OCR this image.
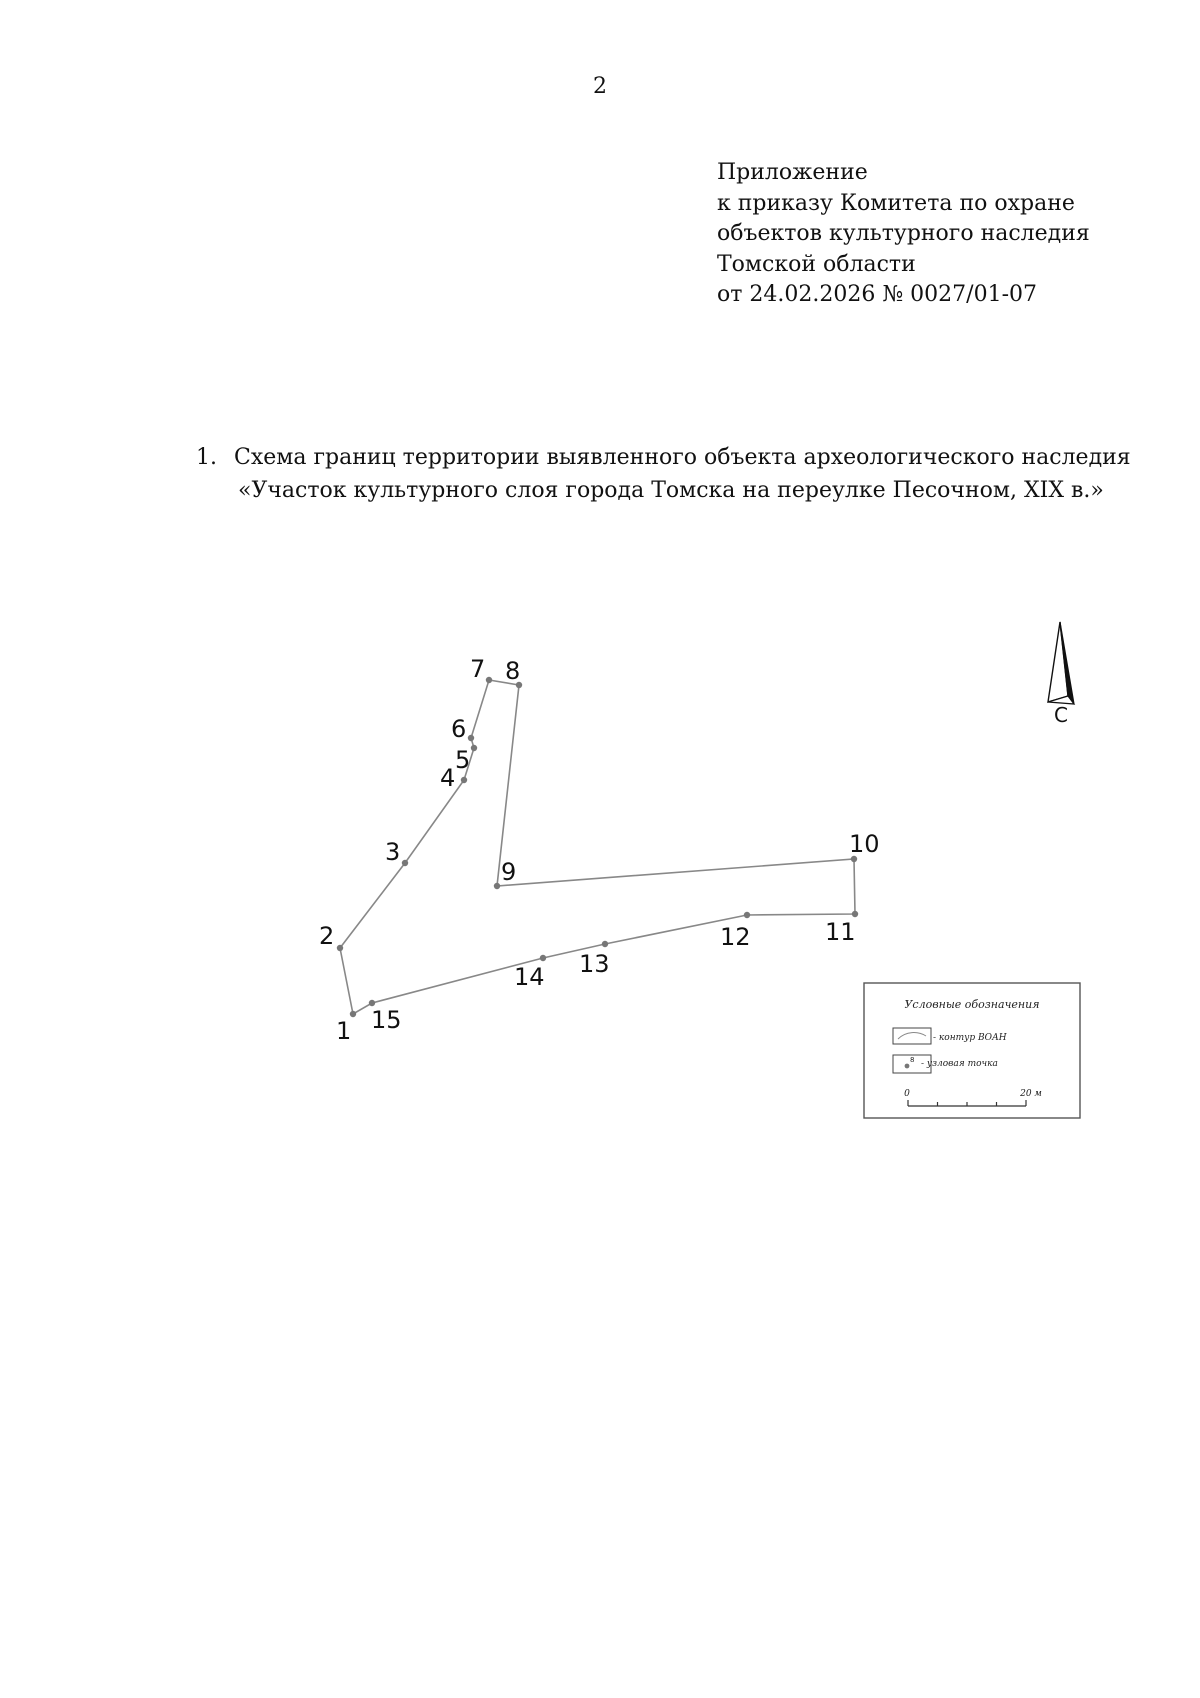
2
Приложение
к приказу Комитета по охране
объектов культурного наследия
Томской области
от 24.02.2026 № 0027/01-07
1. Схема границ территории выявленного объекта археологического наследия
«Участок культурного слоя города Томска на переулке Песочном, XIX в.»
1
2
3
4
5
6
7 8
9
10
11
12
13
14
15
С
Условные обозначения
- контур ВОАН
8 - узловая точка
0	20 м
